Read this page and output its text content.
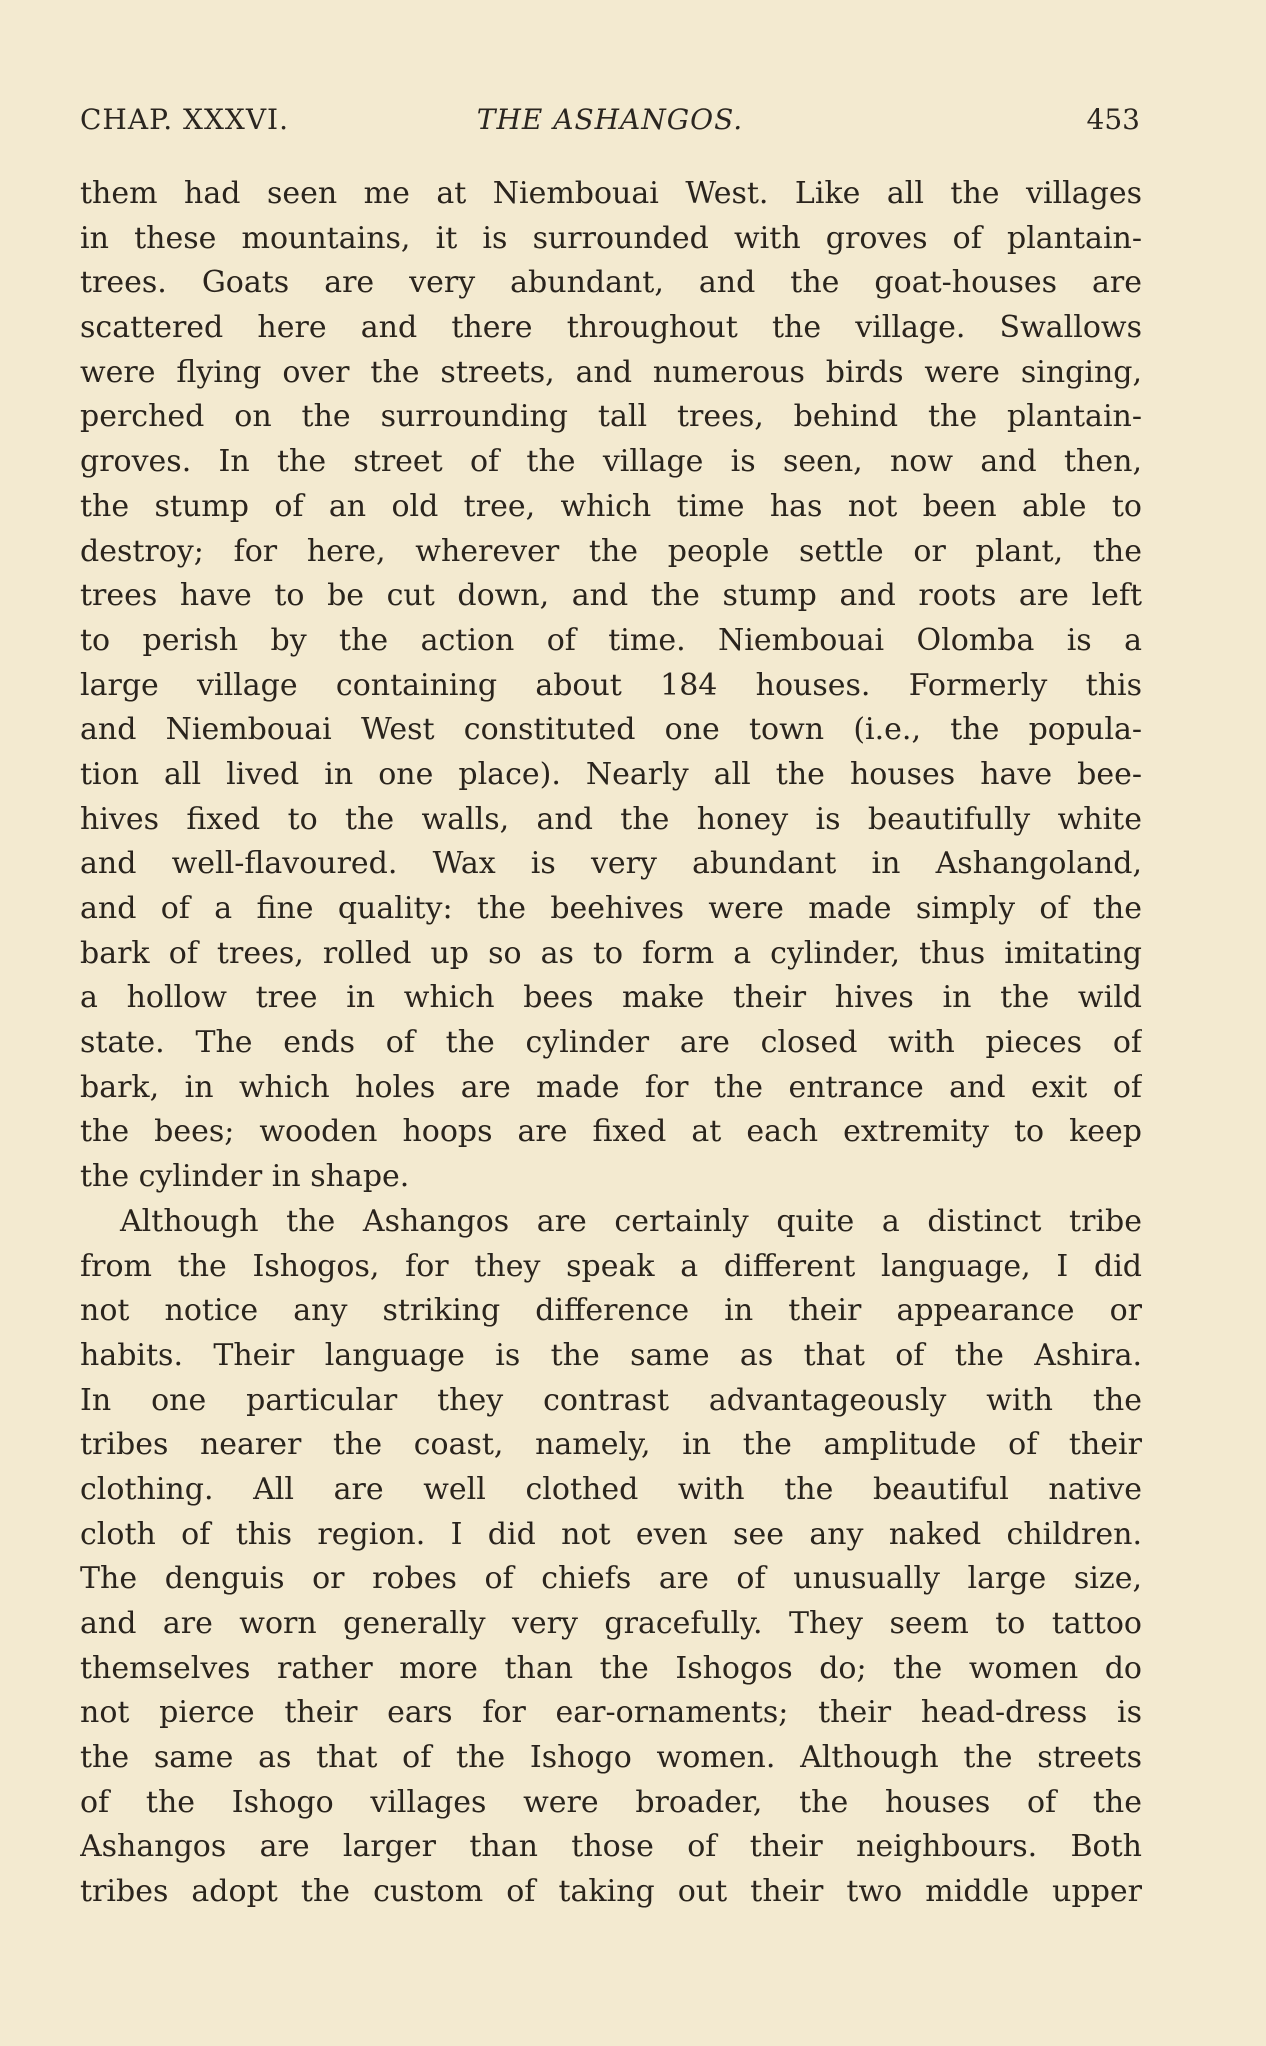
CHAP. XXXVI.	THE ASHANGOS.	453
them had seen me at Niembouai West. Like all the villages
in these mountains, it is surrounded with groves of plantain-
trees. Goats are very abundant, and the goat-houses are
scattered here and there throughout the village. Swallows
were flying over the streets, and numerous birds were singing,
perched on the surrounding tall trees, behind the plantain-
groves. In the street of the village is seen, now and then,
the stump of an old tree, which time has not been able to
destroy; for here, wherever the people settle or plant, the
trees have to be cut down, and the stump and roots are left
to perish by the action of time. Niembouai Olomba is a
large village containing about 184 houses. Formerly this
and Niembouai West constituted one town (i.e., the popula-
tion all lived in one place). Nearly all the houses have bee-
hives fixed to the walls, and the honey is beautifully white
and well-flavoured. Wax is very abundant in Ashangoland,
and of a fine quality: the beehives were made simply of the
bark of trees, rolled up so as to form a cylinder, thus imitating
a hollow tree in which bees make their hives in the wild
state. The ends of the cylinder are closed with pieces of
bark, in which holes are made for the entrance and exit of
the bees; wooden hoops are fixed at each extremity to keep
the cylinder in shape.
Although the Ashangos are certainly quite a distinct tribe
from the Ishogos, for they speak a different language, I did
not notice any striking difference in their appearance or
habits. Their language is the same as that of the Ashira.
In one particular they contrast advantageously with the
tribes nearer the coast, namely, in the amplitude of their
clothing. All are well clothed with the beautiful native
cloth of this region. I did not even see any naked children.
The denguis or robes of chiefs are of unusually large size,
and are worn generally very gracefully. They seem to tattoo
themselves rather more than the Ishogos do; the women do
not pierce their ears for ear-ornaments; their head-dress is
the same as that of the Ishogo women. Although the streets
of the Ishogo villages were broader, the houses of the
Ashangos are larger than those of their neighbours. Both
tribes adopt the custom of taking out their two middle upper
